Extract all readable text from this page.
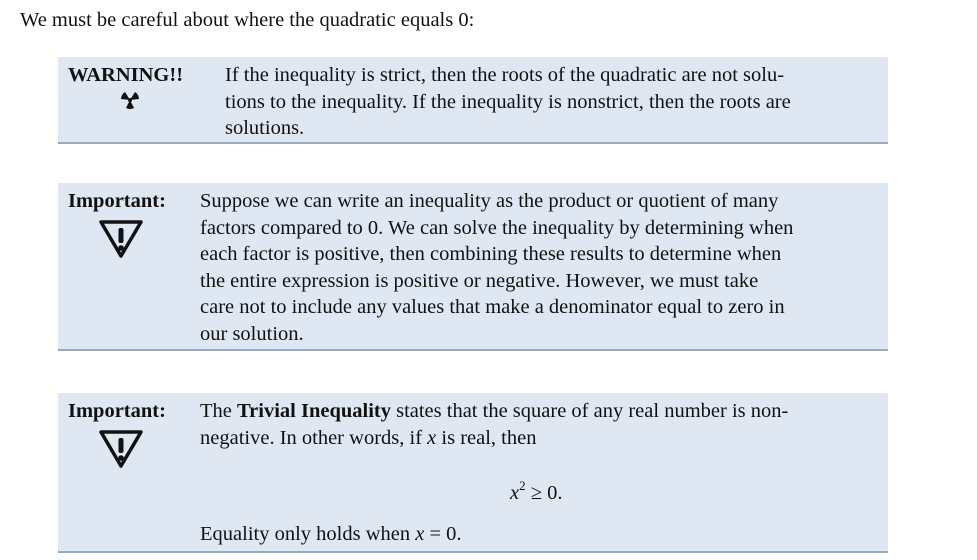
We must be careful about where the quadratic equals 0:
WARNING!! If the inequality is strict, then the roots of the quadratic are not solu-
tions to the inequality. If the inequality is nonstrict, then the roots are
solutions.
Important: Suppose we can write an inequality as the product or quotient of many
factors compared to 0. We can solve the inequality by determining when
each factor is positive, then combining these results to determine when
the entire expression is positive or negative. However, we must take
care not to include any values that make a denominator equal to zero in
our solution.
Important: The Trivial Inequality states that the square of any real number is non-
negative. In other words, if x is real, then
$x^2 \ge 0$.
Equality only holds when x = 0.
